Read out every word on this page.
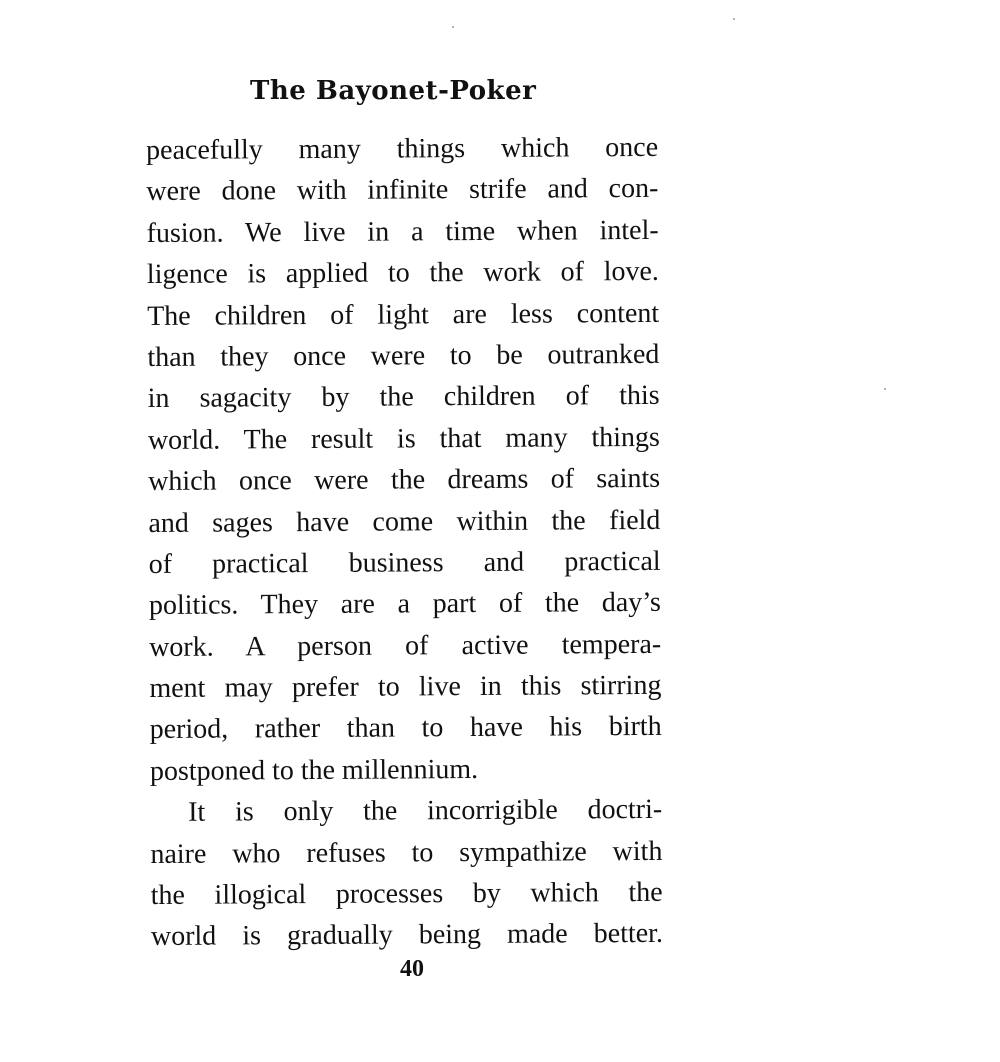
The Bayonet-Poker
peacefully many things which once
were done with infinite strife and con-
fusion. We live in a time when intel-
ligence is applied to the work of love.
The children of light are less content
than they once were to be outranked
in sagacity by the children of this
world. The result is that many things
which once were the dreams of saints
and sages have come within the field
of practical business and practical
politics. They are a part of the day’s
work. A person of active tempera-
ment may prefer to live in this stirring
period, rather than to have his birth
postponed to the millennium.
It is only the incorrigible doctri-
naire who refuses to sympathize with
the illogical processes by which the
world is gradually being made better.
40
